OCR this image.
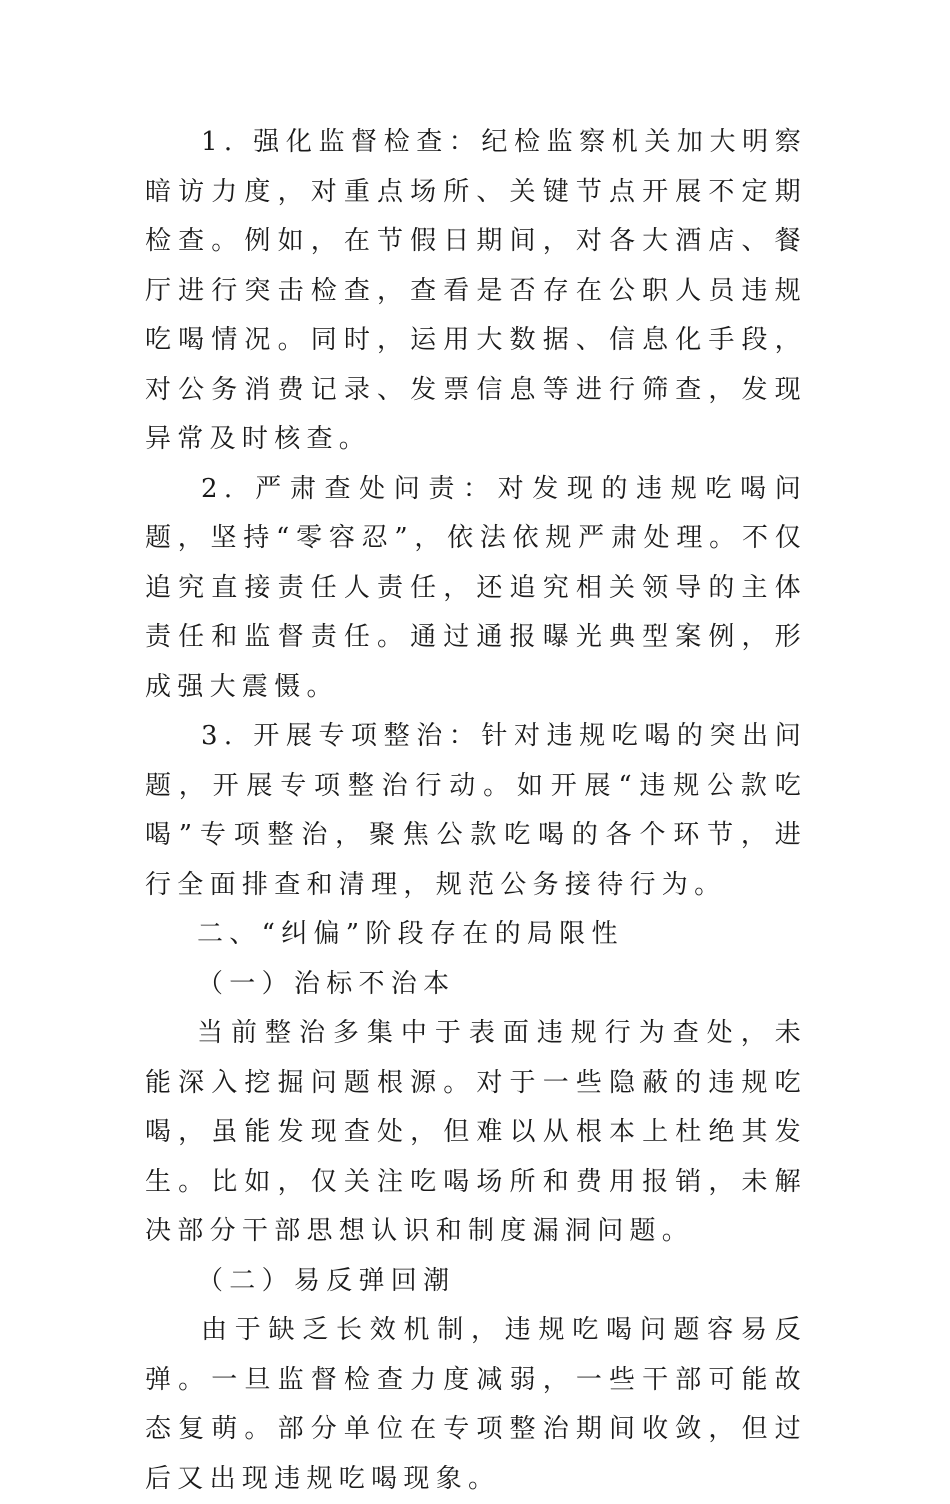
1. 强化监督检查：纪检监察机关加大明察暗访力度，对重点场所、关键节点开展不定期检查。例如，在节假日期间，对各大酒店、餐厅进行突击检查，查看是否存在公职人员违规吃喝情况。同时，运用大数据、信息化手段，对公务消费记录、发票信息等进行筛查，发现异常及时核查。

2. 严肃查处问责：对发现的违规吃喝问题，坚持“零容忍”，依法依规严肃处理。不仅追究直接责任人责任，还追究相关领导的主体责任和监督责任。通过通报曝光典型案例，形成强大震慑。

3. 开展专项整治：针对违规吃喝的突出问题，开展专项整治行动。如开展“违规公款吃喝”专项整治，聚焦公款吃喝的各个环节，进行全面排查和清理，规范公务接待行为。

二、“纠偏”阶段存在的局限性

（一）治标不治本

当前整治多集中于表面违规行为查处，未能深入挖掘问题根源。对于一些隐蔽的违规吃喝，虽能发现查处，但难以从根本上杜绝其发生。比如，仅关注吃喝场所和费用报销，未解决部分干部思想认识和制度漏洞问题。

（二）易反弹回潮

由于缺乏长效机制，违规吃喝问题容易反弹。一旦监督检查力度减弱，一些干部可能故态复萌。部分单位在专项整治期间收敛，但过后又出现违规吃喝现象。
